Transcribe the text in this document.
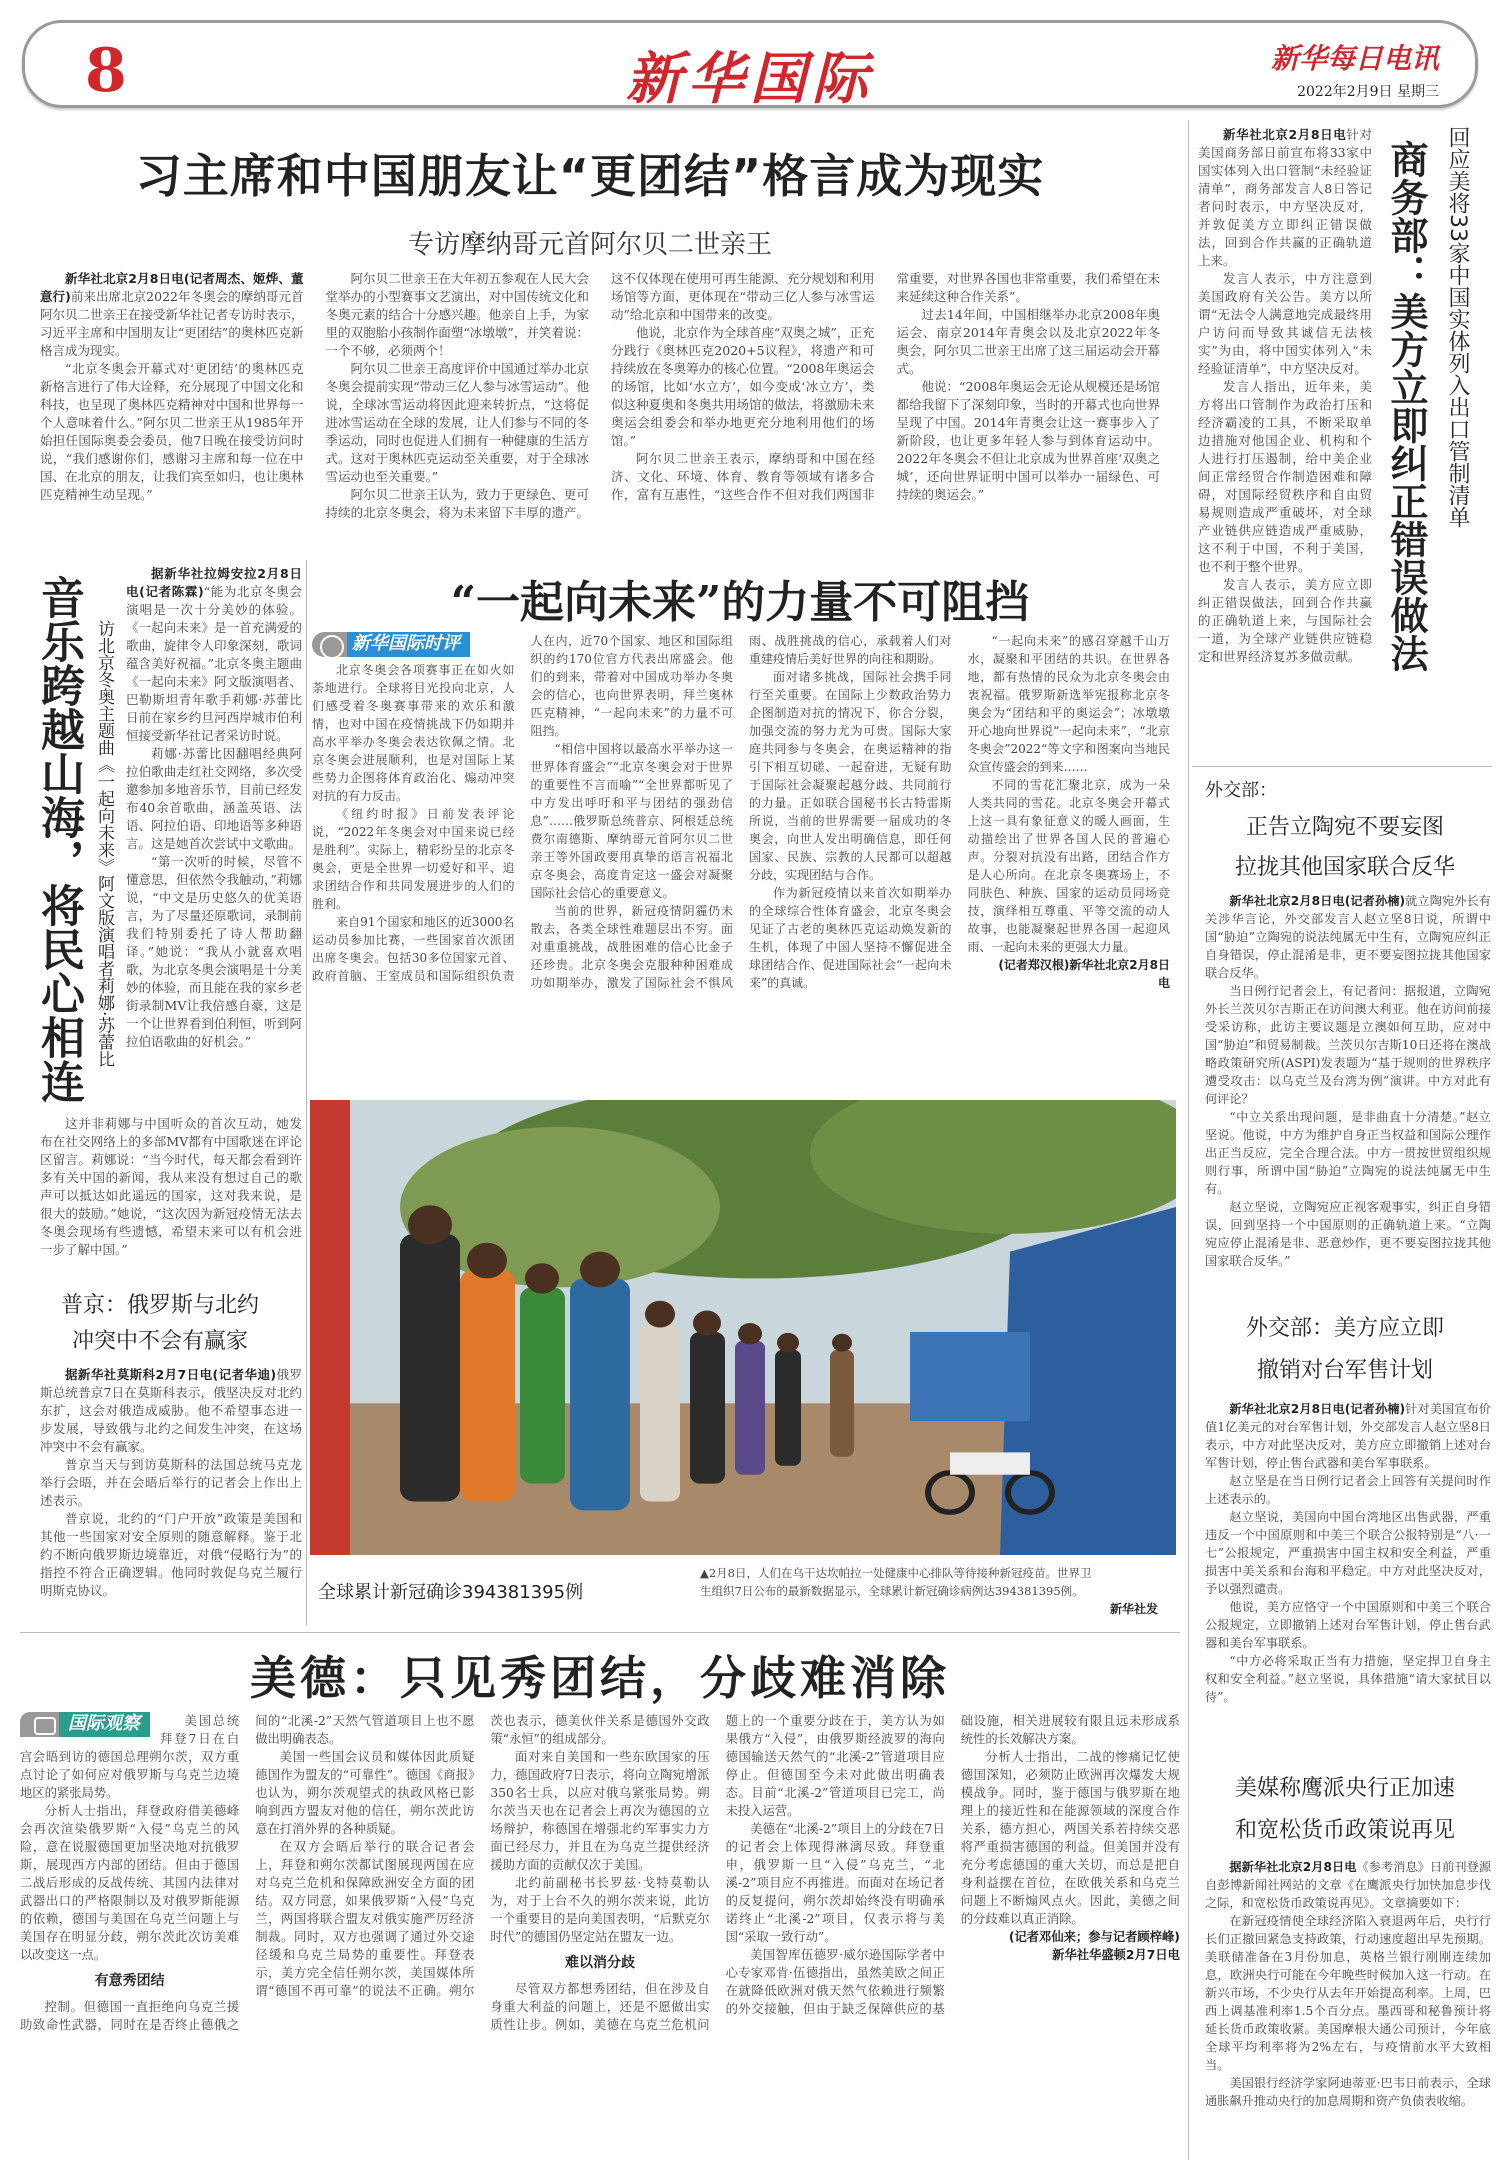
8	新华国际	新华每日电讯
2022年2月9日 星期三
习主席和中国朋友让“更团结”格言成为现实
专访摩纳哥元首阿尔贝二世亲王

新华社北京2月8日电(记者周杰、姬烨、董意行)前来出席北京2022年冬奥会的摩纳哥元首阿尔贝二世亲王在接受新华社记者专访时表示，习近平主席和中国朋友让“更团结”的奥林匹克新格言成为现实。

“北京冬奥会开幕式对‘更团结’的奥林匹克新格言进行了伟大诠释，充分展现了中国文化和科技，也呈现了奥林匹克精神对中国和世界每一个人意味着什么。”阿尔贝二世亲王从1985年开始担任国际奥委会委员，他7日晚在接受访问时说，“我们感谢你们，感谢习主席和每一位在中国、在北京的朋友，让我们宾至如归，也让奥林匹克精神生动呈现。”

阿尔贝二世亲王在大年初五参观在人民大会堂举办的小型赛事文艺演出，对中国传统文化和冬奥元素的结合十分感兴趣。他亲自上手，为家里的双胞胎小孩制作面塑“冰墩墩”，并笑着说：一个不够，必须两个！

阿尔贝二世亲王高度评价中国通过举办北京冬奥会提前实现“带动三亿人参与冰雪运动”。他说，全球冰雪运动将因此迎来转折点，“这将促进冰雪运动在全球的发展，让人们参与不同的冬季运动，同时也促进人们拥有一种健康的生活方式。这对于奥林匹克运动至关重要，对于全球冰雪运动也至关重要。”

阿尔贝二世亲王认为，致力于更绿色、更可持续的北京冬奥会，将为未来留下丰厚的遗产。这不仅体现在使用可再生能源、充分规划和利用场馆等方面，更体现在“带动三亿人参与冰雪运动”给北京和中国带来的改变。

他说，北京作为全球首座“双奥之城”，正充分践行《奥林匹克2020+5议程》，将遗产和可持续放在冬奥筹办的核心位置。“2008年奥运会的场馆，比如‘水立方’，如今变成‘冰立方’，类似这种夏奥和冬奥共用场馆的做法，将激励未来奥运会组委会和举办地更充分地利用他们的场馆。”

阿尔贝二世亲王表示，摩纳哥和中国在经济、文化、环境、体育、教育等领域有诸多合作，富有互惠性，“这些合作不但对我们两国非常重要，对世界各国也非常重要，我们希望在未来延续这种合作关系”。

过去14年间，中国相继举办北京2008年奥运会、南京2014年青奥会以及北京2022年冬奥会，阿尔贝二世亲王出席了这三届运动会开幕式。

他说：“2008年奥运会无论从规模还是场馆都给我留下了深刻印象，当时的开幕式也向世界呈现了中国。2014年青奥会让这一赛事步入了新阶段，也让更多年轻人参与到体育运动中。2022年冬奥会不但让北京成为世界首座‘双奥之城’，还向世界证明中国可以举办一届绿色、可持续的奥运会。”	回应美将33家中国实体列入出口管制清单
商务部：美方立即纠正错误做法

新华社北京2月8日电针对美国商务部日前宣布将33家中国实体列入出口管制“未经验证清单”，商务部发言人8日答记者问时表示，中方坚决反对，并敦促美方立即纠正错误做法，回到合作共赢的正确轨道上来。

发言人表示，中方注意到美国政府有关公告。美方以所谓“无法令人满意地完成最终用户访问而导致其诚信无法核实”为由，将中国实体列入“未经验证清单”，中方坚决反对。

发言人指出，近年来，美方将出口管制作为政治打压和经济霸凌的工具，不断采取单边措施对他国企业、机构和个人进行打压遏制，给中美企业间正常经贸合作制造困难和障碍，对国际经贸秩序和自由贸易规则造成严重破坏，对全球产业链供应链造成严重威胁，这不利于中国，不利于美国，也不利于整个世界。

发言人表示，美方应立即纠正错误做法，回到合作共赢的正确轨道上来，与国际社会一道，为全球产业链供应链稳定和世界经济复苏多做贡献。

音乐跨越山海，将民心相连 访北京冬奥主题曲《一起向未来》阿文版演唱者莉娜·苏蕾比

据新华社拉姆安拉2月8日电(记者陈霖)“能为北京冬奥会演唱是一次十分美妙的体验。《一起向未来》是一首充满爱的歌曲，旋律令人印象深刻，歌词蕴含美好祝福。”北京冬奥主题曲《一起向未来》阿文版演唱者、巴勒斯坦青年歌手莉娜·苏蕾比日前在家乡约旦河西岸城市伯利恒接受新华社记者采访时说。

莉娜·苏蕾比因翻唱经典阿拉伯歌曲走红社交网络，多次受邀参加多地音乐节，目前已经发布40余首歌曲，涵盖英语、法语、阿拉伯语、印地语等多种语言。这是她首次尝试中文歌曲。

“第一次听的时候，尽管不懂意思，但依然令我触动，”莉娜说，“中文是历史悠久的优美语言，为了尽量还原歌词，录制前我们特别委托了诗人帮助翻译。”她说：“我从小就喜欢唱歌，为北京冬奥会演唱是十分美妙的体验，而且能在我的家乡老街录制MV让我倍感自豪，这是一个让世界看到伯利恒，听到阿拉伯语歌曲的好机会。”

这并非莉娜与中国听众的首次互动，她发布在社交网络上的多部MV都有中国歌迷在评论区留言。莉娜说：“当今时代，每天都会看到许多有关中国的新闻，我从来没有想过自己的歌声可以抵达如此遥远的国家，这对我来说，是很大的鼓励。”她说，“这次因为新冠疫情无法去冬奥会现场有些遗憾，希望未来可以有机会进一步了解中国。”

普京：俄罗斯与北约
冲突中不会有赢家

据新华社莫斯科2月7日电(记者华迪)俄罗斯总统普京7日在莫斯科表示，俄坚决反对北约东扩，这会对俄造成威胁。他不希望事态进一步发展，导致俄与北约之间发生冲突，在这场冲突中不会有赢家。

普京当天与到访莫斯科的法国总统马克龙举行会晤，并在会晤后举行的记者会上作出上述表示。

普京说，北约的“门户开放”政策是美国和其他一些国家对安全原则的随意解释。鉴于北约不断向俄罗斯边境靠近，对俄“侵略行为”的指控不符合正确逻辑。他同时敦促乌克兰履行明斯克协议。

“一起向未来”的力量不可阻挡
新华国际时评

北京冬奥会各项赛事正在如火如荼地进行。全球将目光投向北京，人们感受着冬奥赛事带来的欢乐和激情，也对中国在疫情挑战下仍如期并高水平举办冬奥会表达钦佩之情。北京冬奥会进展顺利，也是对国际上某些势力企图将体育政治化、煽动冲突对抗的有力反击。

《纽约时报》日前发表评论说，“2022年冬奥会对中国来说已经是胜利”。实际上，精彩纷呈的北京冬奥会，更是全世界一切爱好和平、追求团结合作和共同发展进步的人们的胜利。

来自91个国家和地区的近3000名运动员参加比赛，一些国家首次派团出席冬奥会。包括30多位国家元首、政府首脑、王室成员和国际组织负责人在内，近70个国家、地区和国际组织的约170位官方代表出席盛会。他们的到来，带着对中国成功举办冬奥会的信心，也向世界表明，拜兰奥林匹克精神，“一起向未来”的力量不可阻挡。

“相信中国将以最高水平举办这一世界体育盛会”“北京冬奥会对于世界的重要性不言而喻”“全世界都听见了中方发出呼吁和平与团结的强劲信息”……俄罗斯总统普京、阿根廷总统费尔南德斯、摩纳哥元首阿尔贝二世亲王等外国政要用真挚的语言祝福北京冬奥会，高度肯定这一盛会对凝聚国际社会信心的重要意义。

当前的世界，新冠疫情阴霾仍未散去，各类全球性难题层出不穷。面对重重挑战，战胜困难的信心比金子还珍贵。北京冬奥会克服种种困难成功如期举办，激发了国际社会不惧风雨、战胜挑战的信心，承载着人们对重建疫情后美好世界的向往和期盼。

面对诸多挑战，国际社会携手同行至关重要。在国际上少数政治势力企图制造对抗的情况下，你合分裂，加强交流的努力尤为可贵。国际大家庭共同参与冬奥会，在奥运精神的指引下相互切磋、一起奋进，无疑有助于国际社会凝聚起越分歧、共同前行的力量。正如联合国秘书长古特雷斯所说，当前的世界需要一届成功的冬奥会，向世人发出明确信息，即任何国家、民族、宗教的人民都可以超越分歧，实现团结与合作。

作为新冠疫情以来首次如期举办的全球综合性体育盛会，北京冬奥会见证了古老的奥林匹克运动焕发新的生机，体现了中国人坚持不懈促进全球团结合作、促进国际社会“一起向未来”的真诚。

“一起向未来”的感召穿越千山万水，凝聚和平团结的共识。在世界各地，都有热情的民众为北京冬奥会由衷祝福。俄罗斯新选举宪报称北京冬奥会为“团结和平的奥运会”；冰墩墩开心地向世界说“一起向未来”，“北京冬奥会”2022“等文字和图案向当地民众宣传盛会的到来……

不同的雪花汇聚北京，成为一朵人类共同的雪花。北京冬奥会开幕式上这一具有象征意义的暖人画面，生动描绘出了世界各国人民的普遍心声。分裂对抗没有出路，团结合作方是人心所向。在北京冬奥赛场上，不同肤色、种族、国家的运动员同场竞技，演绎相互尊重、平等交流的动人故事，也能凝聚起世界各国一起迎风雨、一起向未来的更强大力量。

(记者郑汉根)新华社北京2月8日电

全球累计新冠确诊394381395例
▲2月8日，人们在乌干达坎帕拉一处健康中心排队等待接种新冠疫苗。世界卫生组织7日公布的最新数据显示，全球累计新冠确诊病例达394381395例。
新华社发
美德：只见秀团结，分歧难消除
国际观察	美国总统拜登7日在白宫会晤到访的德国总理朔尔茨，双方重点讨论了如何应对俄罗斯与乌克兰边境地区的紧张局势。

分析人士指出，拜登政府借美德峰会再次渲染俄罗斯“入侵”乌克兰的风险，意在说服德国更加坚决地对抗俄罗斯，展现西方内部的团结。但由于德国二战后形成的反战传统、其国内法律对武器出口的严格限制以及对俄罗斯能源的依赖，德国与美国在乌克兰问题上与美国存在明显分歧，朔尔茨此次访美难以改变这一点。

有意秀团结

控制。但德国一直拒绝向乌克兰援助致命性武器，同时在是否终止德俄之间的“北溪-2”天然气管道项目上也不愿做出明确表态。

美国一些国会议员和媒体因此质疑德国作为盟友的“可靠性”。德国《商报》也认为，朔尔茨观望式的执政风格已影响到西方盟友对他的信任，朔尔茨此访意在打消外界的各种质疑。

在双方会晤后举行的联合记者会上，拜登和朔尔茨都试图展现两国在应对乌克兰危机和保障欧洲安全方面的团结。双方同意，如果俄罗斯“入侵”乌克兰，两国将联合盟友对俄实施严厉经济制裁。同时，双方也强调了通过外交途径缓和乌克兰局势的重要性。拜登表示，美方完全信任朔尔茨，美国媒体所谓“德国不再可靠”的说法不正确。朔尔茨也表示，德美伙伴关系是德国外交政策“永恒”的组成部分。

面对来自美国和一些东欧国家的压力，德国政府7日表示，将向立陶宛增派350名士兵，以应对俄乌紧张局势。朔尔茨当天也在记者会上再次为德国的立场辩护，称德国在增强北约军事实力方面已经尽力，并且在为乌克兰提供经济援助方面的贡献仅次于美国。

北约前副秘书长罗兹·戈特莫勒认为，对于上台不久的朔尔茨来说，此访一个重要目的是向美国表明，“后默克尔时代”的德国仍坚定站在盟友一边。

难以消分歧

尽管双方都想秀团结，但在涉及自身重大利益的问题上，还是不愿做出实质性让步。例如，美德在乌克兰危机问题上的一个重要分歧在于，美方认为如果俄方“入侵”，由俄罗斯经波罗的海向德国输送天然气的“北溪-2”管道项目应停止。但德国至今未对此做出明确表态。目前“北溪-2”管道项目已完工，尚未投入运营。

美德在“北溪-2”项目上的分歧在7日的记者会上体现得淋漓尽致。拜登重申，俄罗斯一旦“入侵”乌克兰，“北溪-2”项目应不再推进。而面对在场记者的反复提问，朔尔茨却始终没有明确承诺终止“北溪-2”项目，仅表示将与美国“采取一致行动”。

美国智库伍德罗·威尔逊国际学者中心专家邓肯·伍德指出，虽然美欧之间正在就降低欧洲对俄天然气依赖进行频繁的外交接触，但由于缺乏保障供应的基础设施，相关进展较有限且远未形成系统性的长效解决方案。

分析人士指出，二战的惨痛记忆使德国深知，必须防止欧洲再次爆发大规模战争。同时，鉴于德国与俄罗斯在地理上的接近性和在能源领域的深度合作关系，德方担心，两国关系若持续交恶将严重损害德国的利益。但美国并没有充分考虑德国的重大关切，而总是把自身利益摆在首位，在欧俄关系和乌克兰问题上不断煽风点火。因此，美德之间的分歧难以真正消除。

(记者邓仙来；参与记者顾梓峰)

新华社华盛顿2月7日电

外交部：
正告立陶宛不要妄图
拉拢其他国家联合反华

新华社北京2月8日电(记者孙楠)就立陶宛外长有关涉华言论，外交部发言人赵立坚8日说，所谓中国“胁迫”立陶宛的说法纯属无中生有，立陶宛应纠正自身错误，停止混淆是非，更不要妄图拉拢其他国家联合反华。

当日例行记者会上，有记者问：据报道，立陶宛外长兰茨贝尔吉斯正在访问澳大利亚。他在访问前接受采访称，此访主要议题是立澳如何互助，应对中国“胁迫”和贸易制裁。兰茨贝尔吉斯10日还将在澳战略政策研究所(ASPI)发表题为“基于规则的世界秩序遭受攻击：以乌克兰及台湾为例”演讲。中方对此有何评论？

“中立关系出现问题，是非曲直十分清楚。”赵立坚说。他说，中方为维护自身正当权益和国际公理作出正当反应，完全合理合法。中方一贯按世贸组织规则行事，所谓中国“胁迫”立陶宛的说法纯属无中生有。

赵立坚说，立陶宛应正视客观事实，纠正自身错误，回到坚持一个中国原则的正确轨道上来。“立陶宛应停止混淆是非、恶意炒作，更不要妄图拉拢其他国家联合反华。”

外交部：美方应立即
撤销对台军售计划

新华社北京2月8日电(记者孙楠)针对美国宣布价值1亿美元的对台军售计划，外交部发言人赵立坚8日表示，中方对此坚决反对，美方应立即撤销上述对台军售计划，停止售台武器和美台军事联系。

赵立坚是在当日例行记者会上回答有关提问时作上述表示的。

赵立坚说，美国向中国台湾地区出售武器，严重违反一个中国原则和中美三个联合公报特别是“八·一七”公报规定，严重损害中国主权和安全利益，严重损害中美关系和台海和平稳定。中方对此坚决反对，予以强烈谴责。

他说，美方应恪守一个中国原则和中美三个联合公报规定，立即撤销上述对台军售计划，停止售台武器和美台军事联系。

“中方必将采取正当有力措施，坚定捍卫自身主权和安全利益。”赵立坚说，具体措施“请大家拭目以待”。

美媒称鹰派央行正加速
和宽松货币政策说再见

据新华社北京2月8日电《参考消息》日前刊登源自彭博新闻社网站的文章《在鹰派央行加快加息步伐之际，和宽松货币政策说再见》。文章摘要如下：

在新冠疫情使全球经济陷入衰退两年后，央行行长们正撤回紧急支持政策，行动速度超出早先预期。美联储准备在3月份加息，英格兰银行刚刚连续加息，欧洲央行可能在今年晚些时候加入这一行动。在新兴市场，不少央行从去年开始提高利率。上周，巴西上调基准利率1.5个百分点。墨西哥和秘鲁预计将延长货币政策收紧。美国摩根大通公司预计，今年底全球平均利率将为2%左右，与疫情前水平大致相当。

美国银行经济学家阿迪蒂亚·巴韦日前表示，全球通胀飙升推动央行的加息周期和资产负债表收缩。
